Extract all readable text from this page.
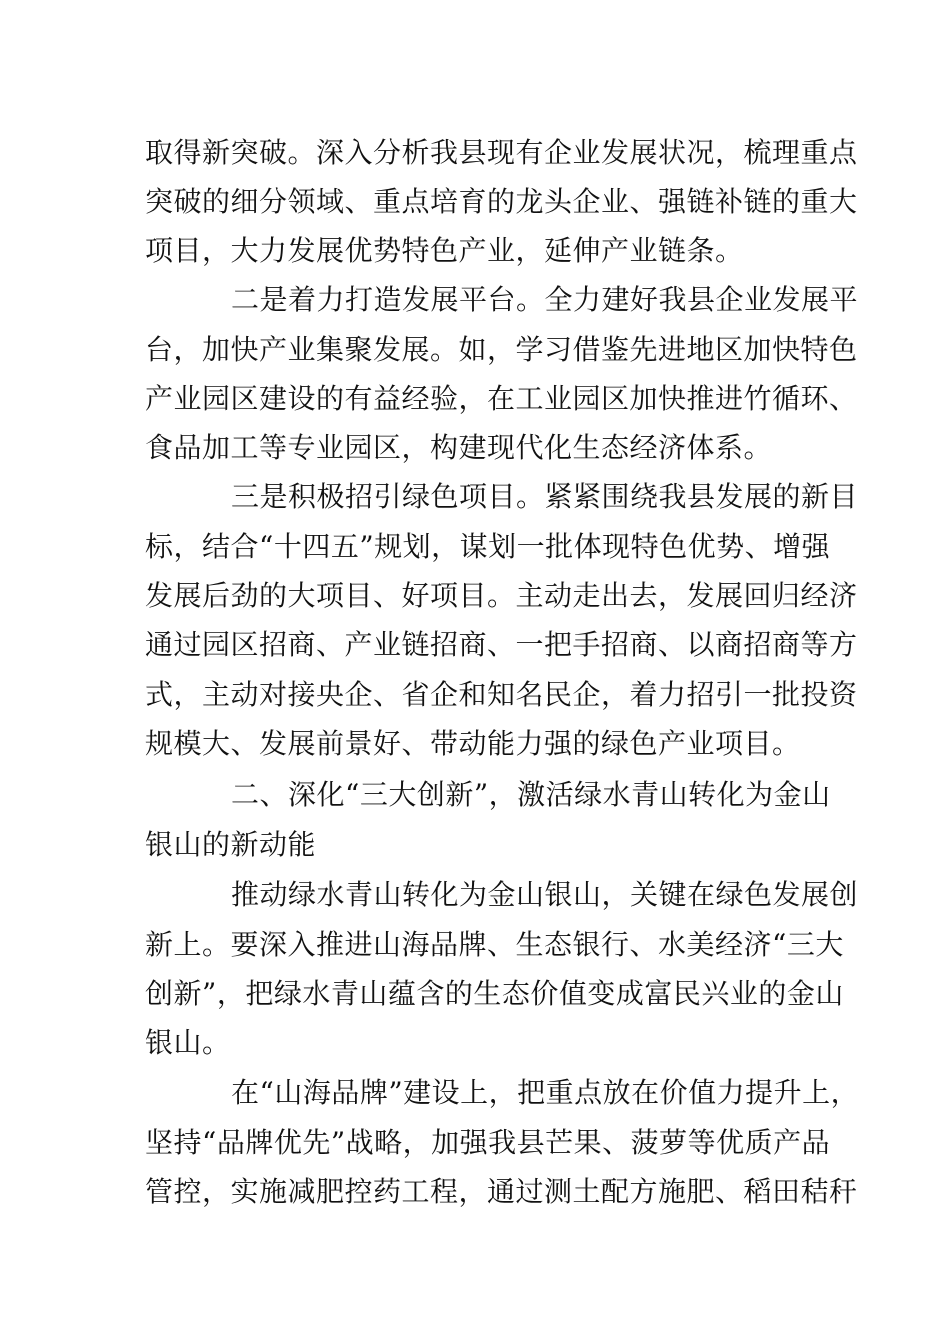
取得新突破。深入分析我县现有企业发展状况，梳理重点
突破的细分领域、重点培育的龙头企业、强链补链的重大
项目，大力发展优势特色产业，延伸产业链条。
二是着力打造发展平台。全力建好我县企业发展平
台，加快产业集聚发展。如，学习借鉴先进地区加快特色
产业园区建设的有益经验，在工业园区加快推进竹循环、
食品加工等专业园区，构建现代化生态经济体系。
三是积极招引绿色项目。紧紧围绕我县发展的新目
标，结合“十四五”规划，谋划一批体现特色优势、增强
发展后劲的大项目、好项目。主动走出去，发展回归经济
通过园区招商、产业链招商、一把手招商、以商招商等方
式，主动对接央企、省企和知名民企，着力招引一批投资
规模大、发展前景好、带动能力强的绿色产业项目。
二、深化“三大创新”，激活绿水青山转化为金山
银山的新动能
推动绿水青山转化为金山银山，关键在绿色发展创
新上。要深入推进山海品牌、生态银行、水美经济“三大
创新”，把绿水青山蕴含的生态价值变成富民兴业的金山
银山。
在“山海品牌”建设上，把重点放在价值力提升上，
坚持“品牌优先”战略，加强我县芒果、菠萝等优质产品
管控，实施减肥控药工程，通过测土配方施肥、稻田秸秆
